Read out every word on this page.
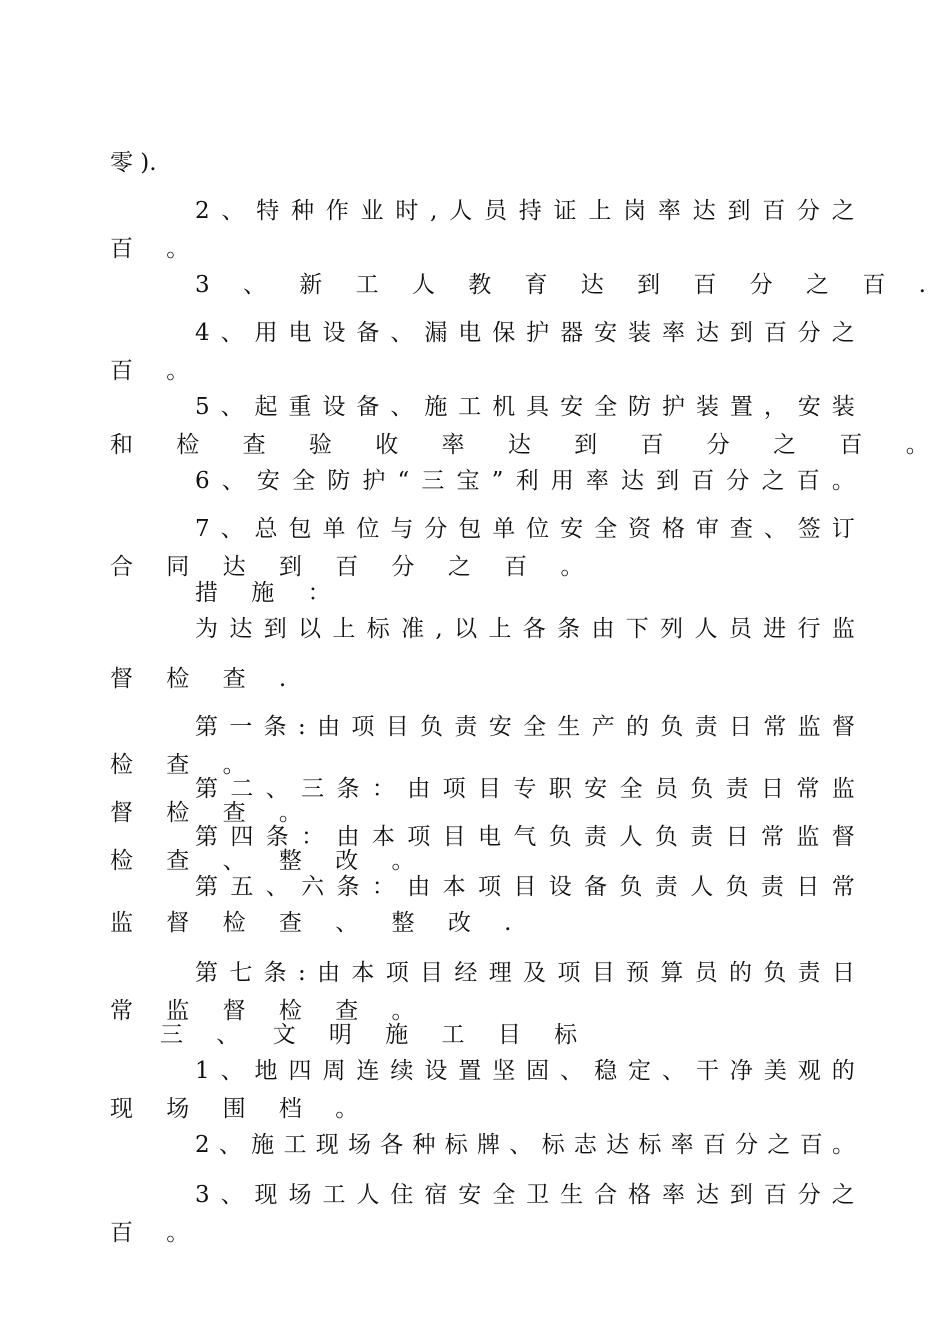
零 ).
2 、 特 种 作 业 时 , 人 员 持 证 上 岗 率 达 到 百 分 之
百 。
3 、 新 工 人 教 育 达 到 百 分 之 百 .
4 、 用 电 设 备 、 漏 电 保 护 器 安 装 率 达 到 百 分 之
百 。
5 、 起 重 设 备 、 施 工 机 具 安 全 防 护 装 置 ， 安 装
和 检 查 验 收 率 达 到 百 分 之 百 。
6 、 安 全 防 护 “ 三 宝 ” 利 用 率 达 到 百 分 之 百 。
7 、 总 包 单 位 与 分 包 单 位 安 全 资 格 审 查 、 签 订
合 同 达 到 百 分 之 百 。
措 施 ：
为 达 到 以 上 标 准 , 以 上 各 条 由 下 列 人 员 进 行 监
督 检 查 .
第 一 条 : 由 项 目 负 责 安 全 生 产 的 负 责 日 常 监 督
检 查 。
第 二 、 三 条 ： 由 项 目 专 职 安 全 员 负 责 日 常 监
督 检 查 。
第 四 条 ： 由 本 项 目 电 气 负 责 人 负 责 日 常 监 督
检 查 、 整 改 。
第 五 、 六 条 ： 由 本 项 目 设 备 负 责 人 负 责 日 常
监 督 检 查 、 整 改 .
第 七 条 : 由 本 项 目 经 理 及 项 目 预 算 员 的 负 责 日
常 监 督 检 查 。
三 、 文 明 施 工 目 标
1 、 地 四 周 连 续 设 置 坚 固 、 稳 定 、 干 净 美 观 的
现 场 围 档 。
2 、 施 工 现 场 各 种 标 牌 、 标 志 达 标 率 百 分 之 百 。
3 、 现 场 工 人 住 宿 安 全 卫 生 合 格 率 达 到 百 分 之
百 。
